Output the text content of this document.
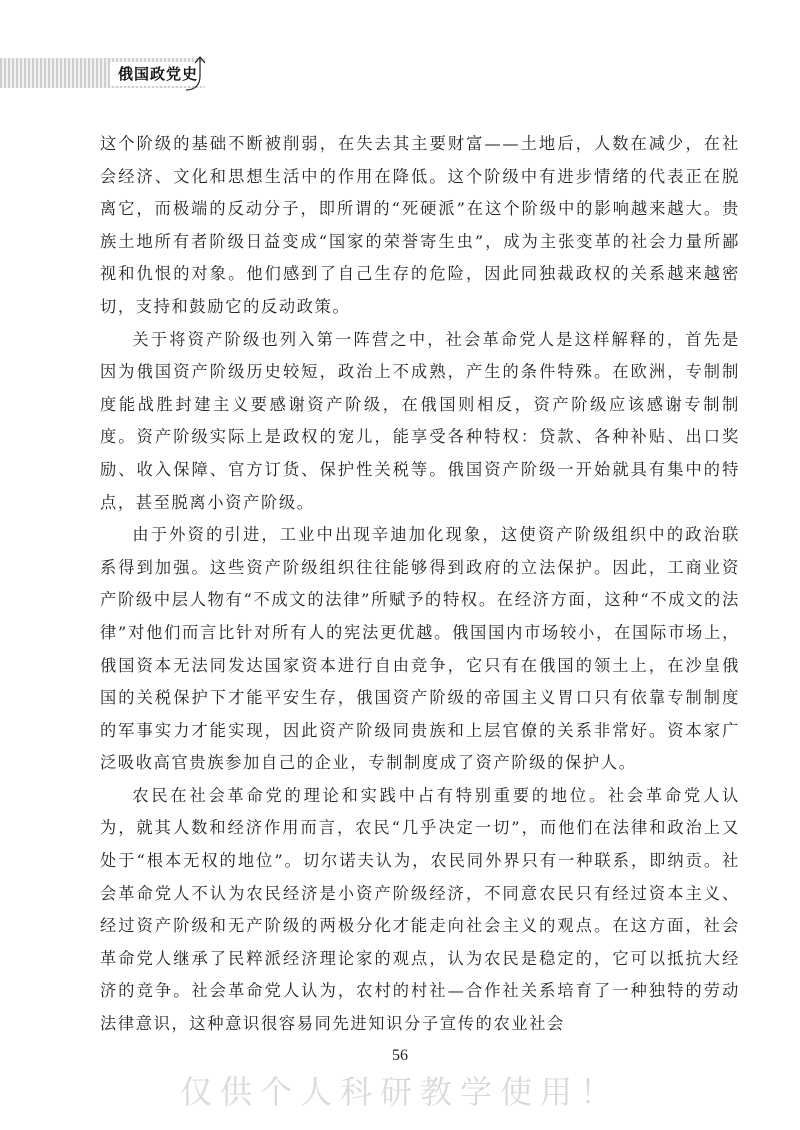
俄国政党史

这个阶级的基础不断被削弱，在失去其主要财富——土地后，人数在减少，在社会经济、文化和思想生活中的作用在降低。这个阶级中有进步情绪的代表正在脱离它，而极端的反动分子，即所谓的“死硬派”在这个阶级中的影响越来越大。贵族土地所有者阶级日益变成“国家的荣誉寄生虫”，成为主张变革的社会力量所鄙视和仇恨的对象。他们感到了自己生存的危险，因此同独裁政权的关系越来越密切，支持和鼓励它的反动政策。

关于将资产阶级也列入第一阵营之中，社会革命党人是这样解释的，首先是因为俄国资产阶级历史较短，政治上不成熟，产生的条件特殊。在欧洲，专制制度能战胜封建主义要感谢资产阶级，在俄国则相反，资产阶级应该感谢专制制度。资产阶级实际上是政权的宠儿，能享受各种特权：贷款、各种补贴、出口奖励、收入保障、官方订货、保护性关税等。俄国资产阶级一开始就具有集中的特点，甚至脱离小资产阶级。

由于外资的引进，工业中出现辛迪加化现象，这使资产阶级组织中的政治联系得到加强。这些资产阶级组织往往能够得到政府的立法保护。因此，工商业资产阶级中层人物有“不成文的法律”所赋予的特权。在经济方面，这种“不成文的法律”对他们而言比针对所有人的宪法更优越。俄国国内市场较小，在国际市场上，俄国资本无法同发达国家资本进行自由竞争，它只有在俄国的领土上，在沙皇俄国的关税保护下才能平安生存，俄国资产阶级的帝国主义胃口只有依靠专制制度的军事实力才能实现，因此资产阶级同贵族和上层官僚的关系非常好。资本家广泛吸收高官贵族参加自己的企业，专制制度成了资产阶级的保护人。

农民在社会革命党的理论和实践中占有特别重要的地位。社会革命党人认为，就其人数和经济作用而言，农民“几乎决定一切”，而他们在法律和政治上又处于“根本无权的地位”。切尔诺夫认为，农民同外界只有一种联系，即纳贡。社会革命党人不认为农民经济是小资产阶级经济，不同意农民只有经过资本主义、经过资产阶级和无产阶级的两极分化才能走向社会主义的观点。在这方面，社会革命党人继承了民粹派经济理论家的观点，认为农民是稳定的，它可以抵抗大经济的竞争。社会革命党人认为，农村的村社—合作社关系培育了一种独特的劳动法律意识，这种意识很容易同先进知识分子宣传的农业社会

56
仅供个人科研教学使用！
